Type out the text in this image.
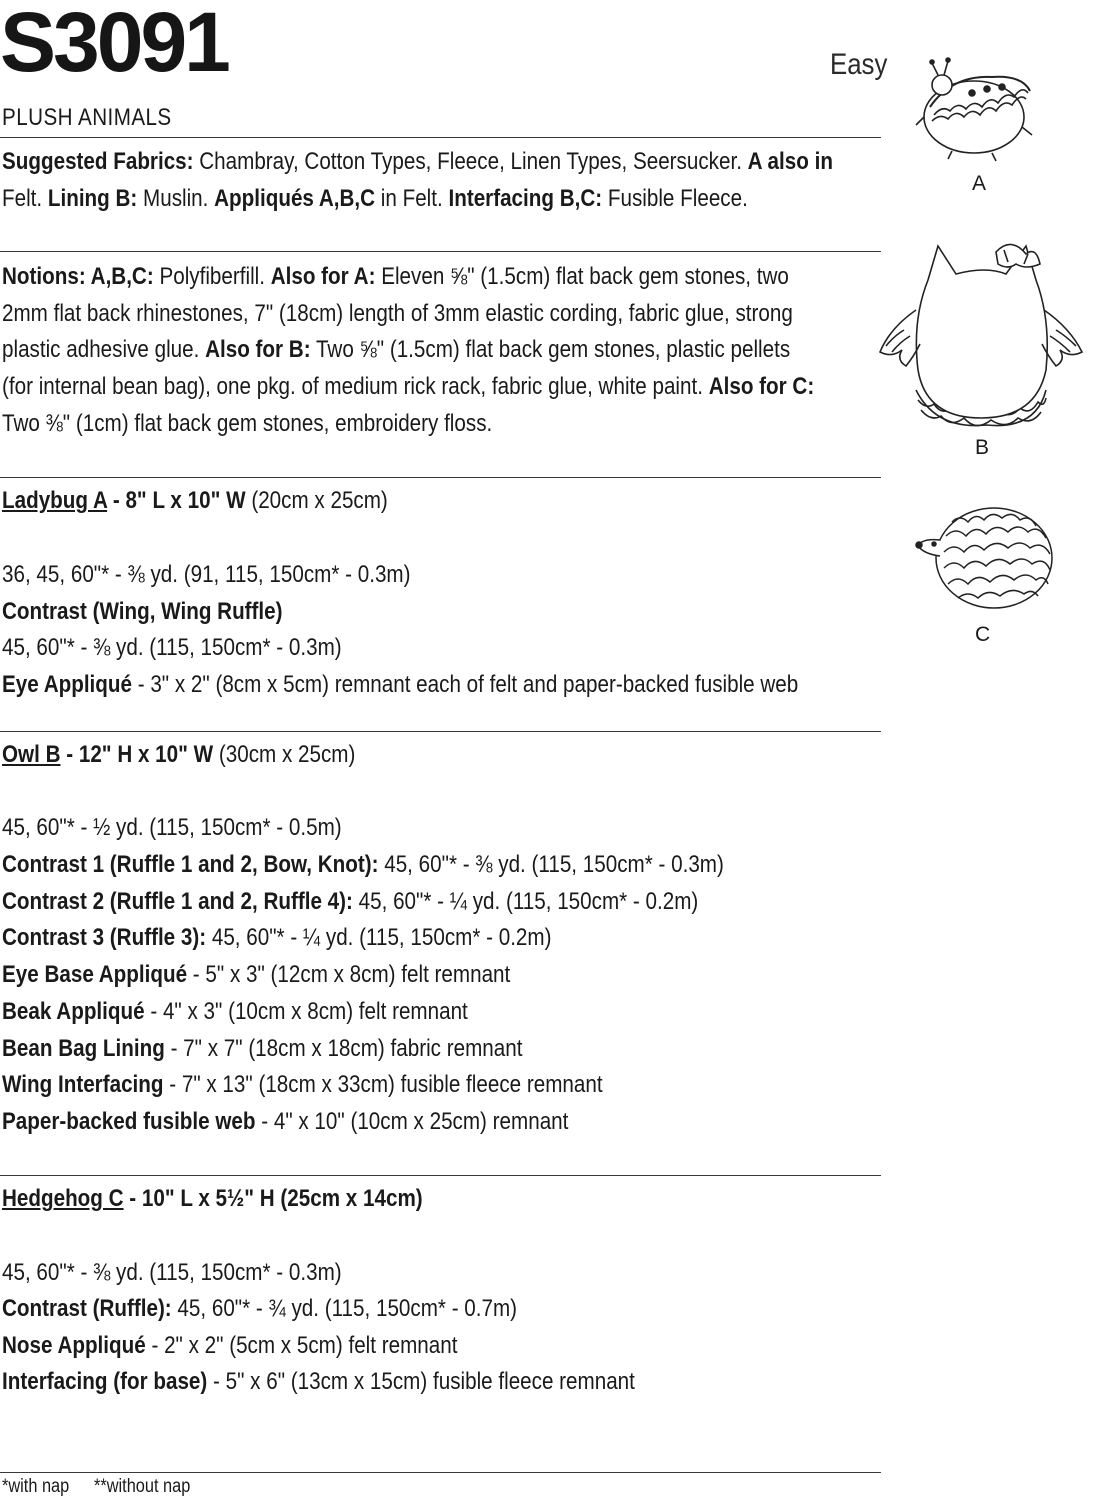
S3091	Easy
PLUSH ANIMALS
Suggested Fabrics: Chambray, Cotton Types, Fleece, Linen Types, Seersucker. A also in
Felt. Lining B: Muslin. Appliqués A,B,C in Felt. Interfacing B,C: Fusible Fleece.
Notions: A,B,C: Polyfiberfill. Also for A: Eleven ⅝" (1.5cm) flat back gem stones, two
2mm flat back rhinestones, 7" (18cm) length of 3mm elastic cording, fabric glue, strong
plastic adhesive glue. Also for B: Two ⅝" (1.5cm) flat back gem stones, plastic pellets
(for internal bean bag), one pkg. of medium rick rack, fabric glue, white paint. Also for C:
Two ⅜" (1cm) flat back gem stones, embroidery floss.
Ladybug A - 8" L x 10" W (20cm x 25cm)
36, 45, 60"* - ⅜ yd. (91, 115, 150cm* - 0.3m)
Contrast (Wing, Wing Ruffle)
45, 60"* - ⅜ yd. (115, 150cm* - 0.3m)
Eye Appliqué - 3" x 2" (8cm x 5cm) remnant each of felt and paper-backed fusible web
Owl B - 12" H x 10" W (30cm x 25cm)
45, 60"* - ½ yd. (115, 150cm* - 0.5m)
Contrast 1 (Ruffle 1 and 2, Bow, Knot): 45, 60"* - ⅜ yd. (115, 150cm* - 0.3m)
Contrast 2 (Ruffle 1 and 2, Ruffle 4): 45, 60"* - ¼ yd. (115, 150cm* - 0.2m)
Contrast 3 (Ruffle 3): 45, 60"* - ¼ yd. (115, 150cm* - 0.2m)
Eye Base Appliqué - 5" x 3" (12cm x 8cm) felt remnant
Beak Appliqué - 4" x 3" (10cm x 8cm) felt remnant
Bean Bag Lining - 7" x 7" (18cm x 18cm) fabric remnant
Wing Interfacing - 7" x 13" (18cm x 33cm) fusible fleece remnant
Paper-backed fusible web - 4" x 10" (10cm x 25cm) remnant
Hedgehog C - 10" L x 5½" H (25cm x 14cm)
45, 60"* - ⅜ yd. (115, 150cm* - 0.3m)
Contrast (Ruffle): 45, 60"* - ¾ yd. (115, 150cm* - 0.7m)
Nose Appliqué - 2" x 2" (5cm x 5cm) felt remnant
Interfacing (for base) - 5" x 6" (13cm x 15cm) fusible fleece remnant
*with nap **without nap
A
B
C
